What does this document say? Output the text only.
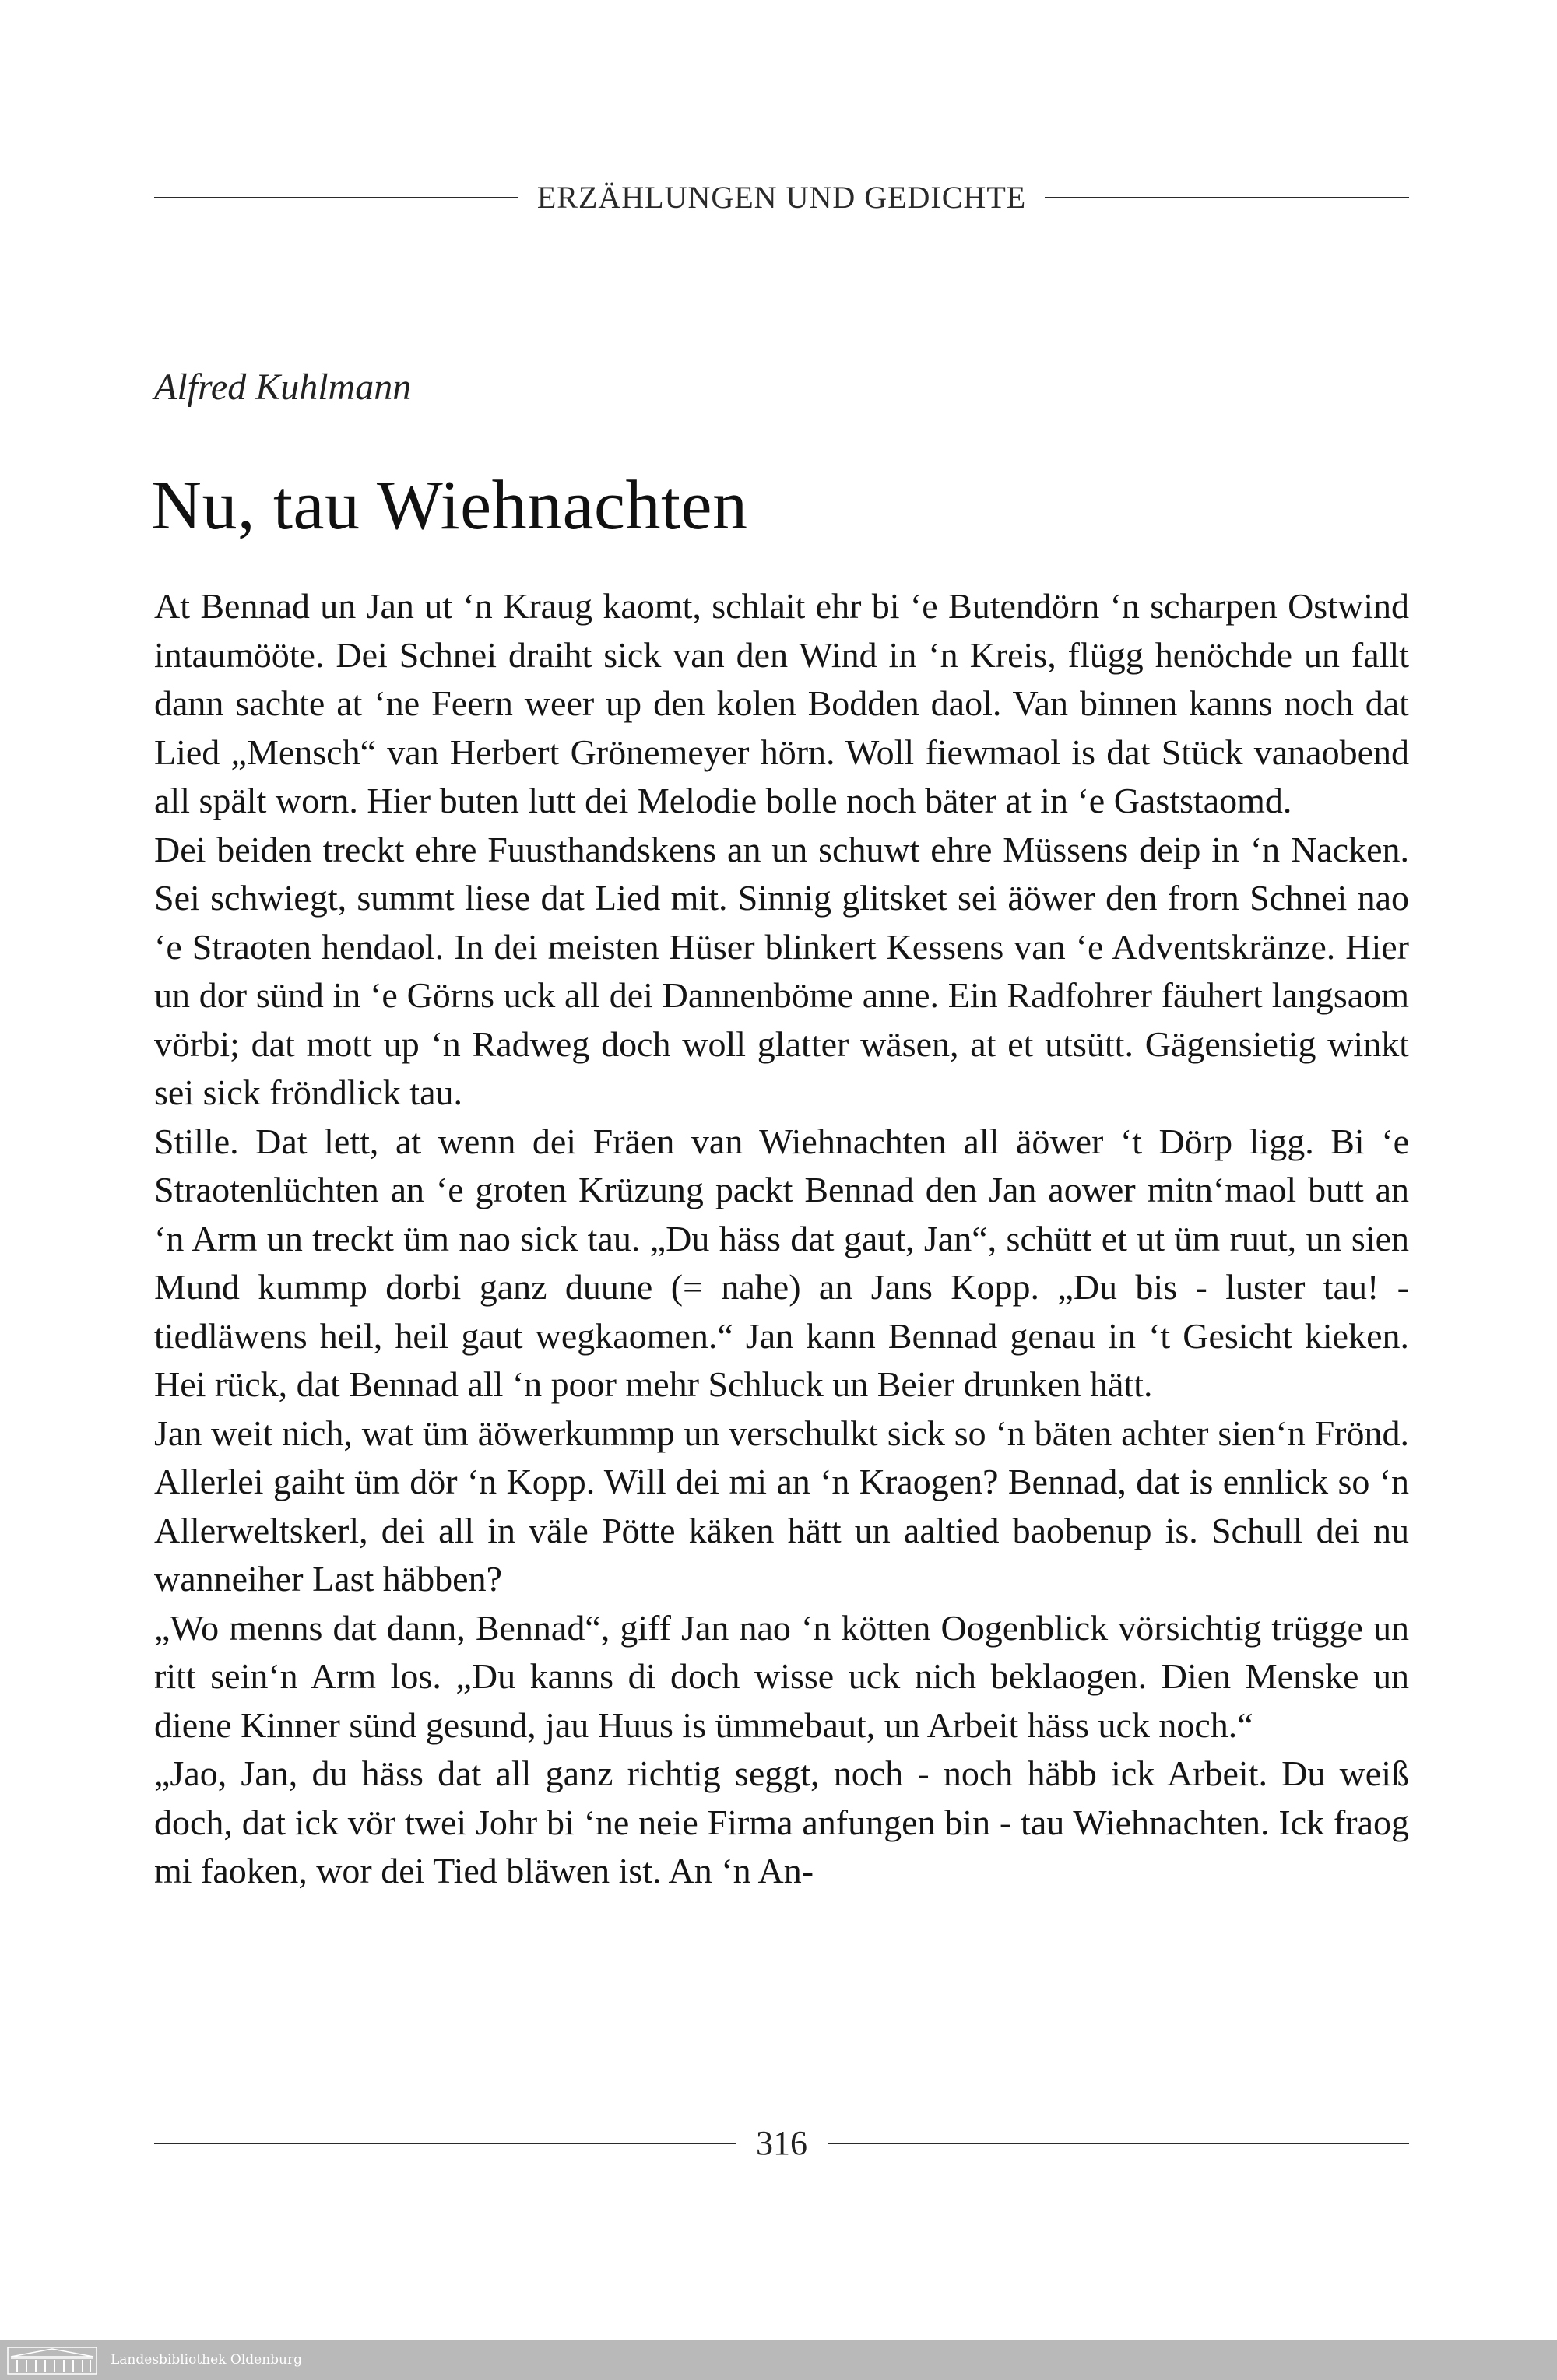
ERZÄHLUNGEN UND GEDICHTE
Alfred Kuhlmann
Nu, tau Wiehnachten

At Bennad un Jan ut ‘n Kraug kaomt, schlait ehr bi ‘e Butendörn ‘n scharpen Ostwind intaumööte. Dei Schnei draiht sick van den Wind in ‘n Kreis, flügg henöchde un fallt dann sachte at ‘ne Feern weer up den kolen Bodden daol. Van binnen kanns noch dat Lied „Mensch“ van Herbert Grönemeyer hörn. Woll fiewmaol is dat Stück vanaobend all spält worn. Hier buten lutt dei Melodie bolle noch bäter at in ‘e Gaststaomd.

Dei beiden treckt ehre Fuusthandskens an un schuwt ehre Müssens deip in ‘n Nacken. Sei schwiegt, summt liese dat Lied mit. Sinnig glitsket sei äöwer den frorn Schnei nao ‘e Straoten hendaol. In dei meisten Hüser blinkert Kessens van ‘e Adventskränze. Hier un dor sünd in ‘e Görns uck all dei Dannenböme anne. Ein Radfohrer fäuhert langsaom vörbi; dat mott up ‘n Radweg doch woll glatter wäsen, at et utsütt. Gägensietig winkt sei sick fröndlick tau.

Stille. Dat lett, at wenn dei Fräen van Wiehnachten all äöwer ‘t Dörp ligg. Bi ‘e Straotenlüchten an ‘e groten Krüzung packt Bennad den Jan aower mitn‘maol butt an ‘n Arm un treckt üm nao sick tau. „Du häss dat gaut, Jan“, schütt et ut üm ruut, un sien Mund kummp dorbi ganz duune (= nahe) an Jans Kopp. „Du bis - luster tau! - tiedläwens heil, heil gaut wegkaomen.“ Jan kann Bennad genau in ‘t Gesicht kieken. Hei rück, dat Bennad all ‘n poor mehr Schluck un Beier drunken hätt.

Jan weit nich, wat üm äöwerkummp un verschulkt sick so ‘n bäten achter sien‘n Frönd. Allerlei gaiht üm dör ‘n Kopp. Will dei mi an ‘n Kraogen? Bennad, dat is ennlick so ‘n Allerweltskerl, dei all in väle Pötte käken hätt un aaltied baobenup is. Schull dei nu wanneiher Last häbben?

„Wo menns dat dann, Bennad“, giff Jan nao ‘n kötten Oogenblick vörsichtig trügge un ritt sein‘n Arm los. „Du kanns di doch wisse uck nich beklaogen. Dien Menske un diene Kinner sünd gesund, jau Huus is ümmebaut, un Arbeit häss uck noch.“

„Jao, Jan, du häss dat all ganz richtig seggt, noch - noch häbb ick Arbeit. Du weiß doch, dat ick vör twei Johr bi ‘ne neie Firma anfungen bin - tau Wiehnachten. Ick fraog mi faoken, wor dei Tied bläwen ist. An ‘n An-

316
Landesbibliothek Oldenburg
